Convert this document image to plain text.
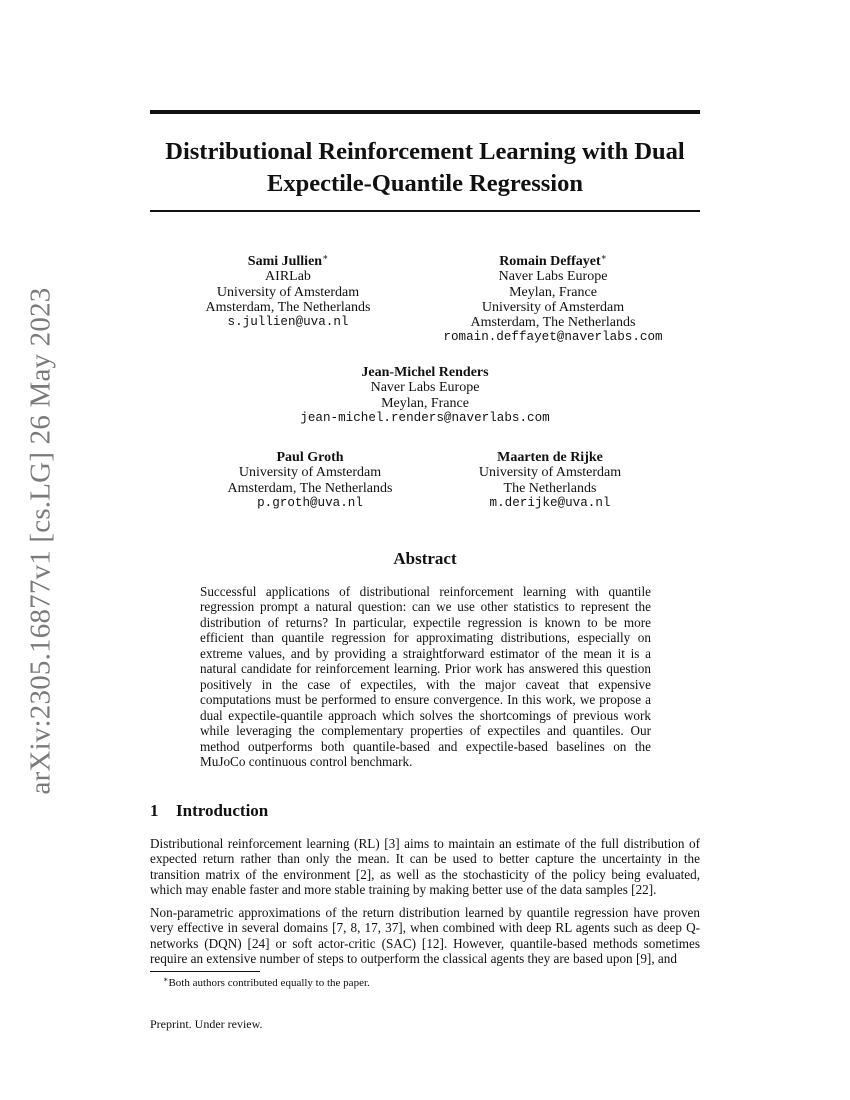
arXiv:2305.16877v1 [cs.LG] 26 May 2023
Distributional Reinforcement Learning with Dual
Expectile-Quantile Regression
Sami Jullien∗
AIRLab
University of Amsterdam
Amsterdam, The Netherlands
s.jullien@uva.nl
Romain Deffayet∗
Naver Labs Europe
Meylan, France
University of Amsterdam
Amsterdam, The Netherlands
romain.deffayet@naverlabs.com
Jean-Michel Renders
Naver Labs Europe
Meylan, France
jean-michel.renders@naverlabs.com
Paul Groth
University of Amsterdam
Amsterdam, The Netherlands
p.groth@uva.nl
Maarten de Rijke
University of Amsterdam
The Netherlands
m.derijke@uva.nl
Abstract
Successful applications of distributional reinforcement learning with quantile regression prompt a natural question: can we use other statistics to represent the distribution of returns? In particular, expectile regression is known to be more efficient than quantile regression for approximating distributions, especially on extreme values, and by providing a straightforward estimator of the mean it is a natural candidate for reinforcement learning. Prior work has answered this question positively in the case of expectiles, with the major caveat that expensive computations must be performed to ensure convergence. In this work, we propose a dual expectile-quantile approach which solves the shortcomings of previous work while leveraging the complementary properties of expectiles and quantiles. Our method outperforms both quantile-based and expectile-based baselines on the MuJoCo continuous control benchmark.
1 Introduction
Distributional reinforcement learning (RL) [3] aims to maintain an estimate of the full distribution of expected return rather than only the mean. It can be used to better capture the uncertainty in the transition matrix of the environment [2], as well as the stochasticity of the policy being evaluated, which may enable faster and more stable training by making better use of the data samples [22].
Non-parametric approximations of the return distribution learned by quantile regression have proven very effective in several domains [7, 8, 17, 37], when combined with deep RL agents such as deep Q-networks (DQN) [24] or soft actor-critic (SAC) [12]. However, quantile-based methods sometimes require an extensive number of steps to outperform the classical agents they are based upon [9], and
∗Both authors contributed equally to the paper.
Preprint. Under review.
